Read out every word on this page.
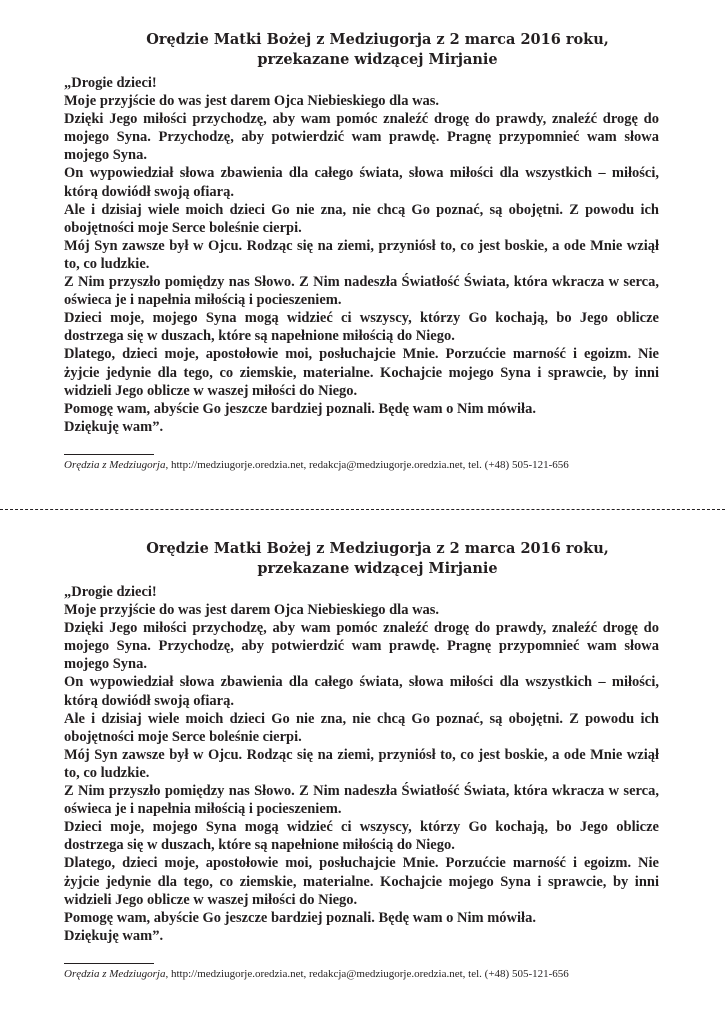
Orędzie Matki Bożej z Medziugorja z 2 marca 2016 roku,
przekazane widzącej Mirjanie

„Drogie dzieci!

Moje przyjście do was jest darem Ojca Niebieskiego dla was.

Dzięki Jego miłości przychodzę, aby wam pomóc znaleźć drogę do prawdy, znaleźć drogę do mojego Syna. Przychodzę, aby potwierdzić wam prawdę. Pragnę przypomnieć wam słowa mojego Syna.

On wypowiedział słowa zbawienia dla całego świata, słowa miłości dla wszystkich – miłości, którą dowiódł swoją ofiarą.

Ale i dzisiaj wiele moich dzieci Go nie zna, nie chcą Go poznać, są obojętni. Z powodu ich obojętności moje Serce boleśnie cierpi.

Mój Syn zawsze był w Ojcu. Rodząc się na ziemi, przyniósł to, co jest boskie, a ode Mnie wziął to, co ludzkie.

Z Nim przyszło pomiędzy nas Słowo. Z Nim nadeszła Światłość Świata, która wkracza w serca, oświeca je i napełnia miłością i pocieszeniem.

Dzieci moje, mojego Syna mogą widzieć ci wszyscy, którzy Go kochają, bo Jego oblicze dostrzega się w duszach, które są napełnione miłością do Niego.

Dlatego, dzieci moje, apostołowie moi, posłuchajcie Mnie. Porzućcie marność i egoizm. Nie żyjcie jedynie dla tego, co ziemskie, materialne. Kochajcie mojego Syna i sprawcie, by inni widzieli Jego oblicze w waszej miłości do Niego.

Pomogę wam, abyście Go jeszcze bardziej poznali. Będę wam o Nim mówiła.

Dziękuję wam”.

Orędzia z Medziugorja, http://medziugorje.oredzia.net, redakcja@medziugorje.oredzia.net, tel. (+48) 505-121-656
Orędzie Matki Bożej z Medziugorja z 2 marca 2016 roku,
przekazane widzącej Mirjanie

„Drogie dzieci!

Moje przyjście do was jest darem Ojca Niebieskiego dla was.

Dzięki Jego miłości przychodzę, aby wam pomóc znaleźć drogę do prawdy, znaleźć drogę do mojego Syna. Przychodzę, aby potwierdzić wam prawdę. Pragnę przypomnieć wam słowa mojego Syna.

On wypowiedział słowa zbawienia dla całego świata, słowa miłości dla wszystkich – miłości, którą dowiódł swoją ofiarą.

Ale i dzisiaj wiele moich dzieci Go nie zna, nie chcą Go poznać, są obojętni. Z powodu ich obojętności moje Serce boleśnie cierpi.

Mój Syn zawsze był w Ojcu. Rodząc się na ziemi, przyniósł to, co jest boskie, a ode Mnie wziął to, co ludzkie.

Z Nim przyszło pomiędzy nas Słowo. Z Nim nadeszła Światłość Świata, która wkracza w serca, oświeca je i napełnia miłością i pocieszeniem.

Dzieci moje, mojego Syna mogą widzieć ci wszyscy, którzy Go kochają, bo Jego oblicze dostrzega się w duszach, które są napełnione miłością do Niego.

Dlatego, dzieci moje, apostołowie moi, posłuchajcie Mnie. Porzućcie marność i egoizm. Nie żyjcie jedynie dla tego, co ziemskie, materialne. Kochajcie mojego Syna i sprawcie, by inni widzieli Jego oblicze w waszej miłości do Niego.

Pomogę wam, abyście Go jeszcze bardziej poznali. Będę wam o Nim mówiła.

Dziękuję wam”.

Orędzia z Medziugorja, http://medziugorje.oredzia.net, redakcja@medziugorje.oredzia.net, tel. (+48) 505-121-656
